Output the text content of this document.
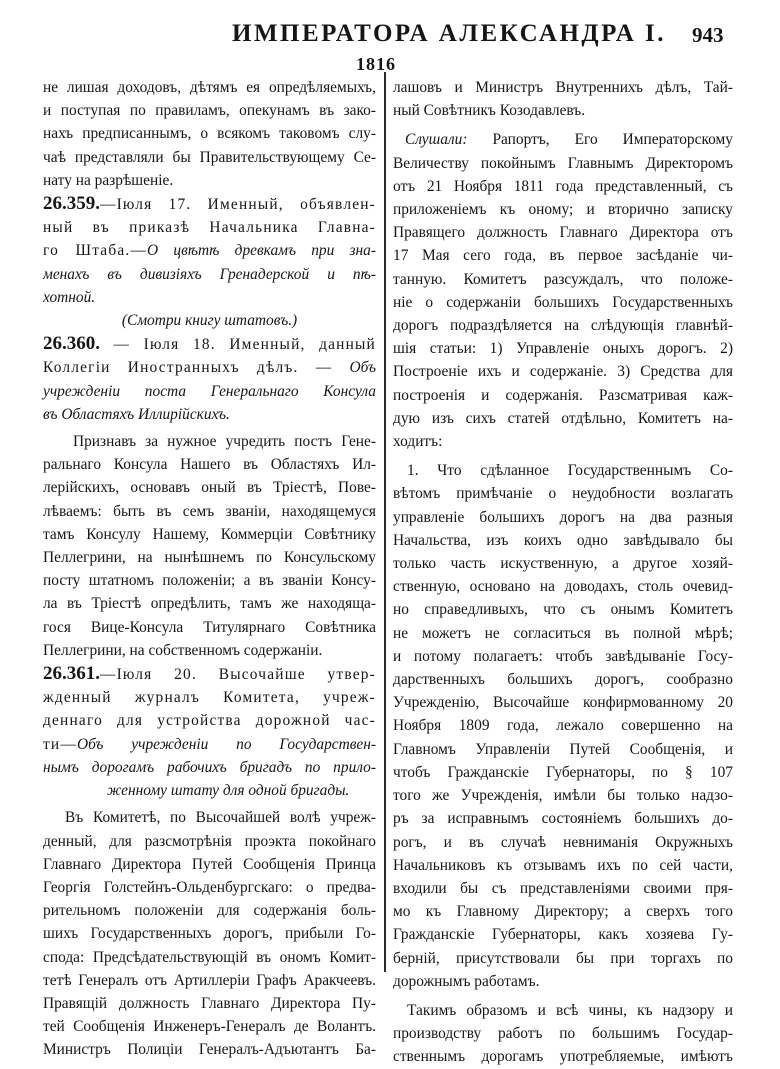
ИМПЕРАТОРА АЛЕКСАНДРА I. 943
1816

не лишая доходовъ, дѣтямъ ея опредѣляемыхъ,
и поступая по правиламъ, опекунамъ въ зако-
нахъ предписаннымъ, о всякомъ таковомъ слу-
чаѣ представляли бы Правительствующему Се-
нату на разрѣшеніе.

26.359.—Іюля 17. Именный, объявлен-
ный въ приказѣ Начальника Главна-
го Штаба.—О цвѣтѣ древкамъ при зна-
менахъ въ дивизіяхъ Гренадерской и пѣ-
хотной.
(Смотри книгу штатовъ.)

26.360. — Іюля 18. Именный, данный
Коллегіи Иностранныхъ дѣлъ. — Объ
учрежденіи поста Генеральнаго Консула
въ Областяхъ Иллирійскихъ.

Признавъ за нужное учредить постъ Гене-
ральнаго Консула Нашего въ Областяхъ Ил-
лерійскихъ, основавъ оный въ Тріестѣ, Пове-
лѣваемъ: быть въ семъ званіи, находящемуся
тамъ Консулу Нашему, Коммерціи Совѣтнику
Пеллегрини, на нынѣшнемъ по Консульскому
посту штатномъ положеніи; а въ званіи Консу-
ла въ Тріестѣ опредѣлить, тамъ же находяща-
гося Вице-Консула Титулярнаго Совѣтника
Пеллегрини, на собственномъ содержаніи.

26.361.—Іюля 20. Высочайше утвер-
жденный журналъ Комитета, учреж-
деннаго для устройства дорожной час-
ти—Объ учрежденіи по Государствен-
нымъ дорогамъ рабочихъ бригадъ по прило-
женному штату для одной бригады.

Въ Комитетѣ, по Высочайшей волѣ учреж-
денный, для разсмотрѣнія проэкта покойнаго
Главнаго Директора Путей Сообщенія Принца
Георгія Голстейнъ-Ольденбургскаго: о предва-
рительномъ положеніи для содержанія боль-
шихъ Государственныхъ дорогъ, прибыли Го-
спода: Предсѣдательствующій въ ономъ Комит-
тетѣ Генералъ отъ Артиллеріи Графъ Аракчеевъ.
Правящій должность Главнаго Директора Пу-
тей Сообщенія Инженеръ-Генералъ де Волантъ.
Министръ Полиціи Генералъ-Адъютантъ Ба-

лашовъ и Министръ Внутреннихъ дѣлъ, Тай-
ный Совѣтникъ Козодавлевъ.

Слушали: Рапортъ, Его Императорскому
Величеству покойнымъ Главнымъ Директоромъ
отъ 21 Ноября 1811 года представленный, съ
приложеніемъ къ оному; и вторично записку
Правящего должность Главнаго Директора отъ
17 Мая сего года, въ первое засѣданіе чи-
танную. Комитетъ разсуждалъ, что положе-
ніе о содержаніи большихъ Государственныхъ
дорогъ подраздѣляется на слѣдующія главнѣй-
шія статьи: 1) Управленіе оныхъ дорогъ. 2)
Построеніе ихъ и содержаніе. 3) Средства для
построенія и содержанія. Разсматривая каж-
дую изъ сихъ статей отдѣльно, Комитетъ на-
ходитъ:

1. Что сдѣланное Государственнымъ Со-
вѣтомъ примѣчаніе о неудобности возлагать
управленіе большихъ дорогъ на два разныя
Начальства, изъ коихъ одно завѣдывало бы
только часть искуственную, а другое хозяй-
ственную, основано на доводахъ, столь очевид-
но справедливыхъ, что съ онымъ Комитетъ
не можетъ не согласиться въ полной мѣрѣ;
и потому полагаетъ: чтобъ завѣдываніе Госу-
дарственныхъ большихъ дорогъ, сообразно
Учрежденію, Высочайше конфирмованному 20
Ноября 1809 года, лежало совершенно на
Главномъ Управленіи Путей Сообщенія, и
чтобъ Гражданскіе Губернаторы, по § 107
того же Учрежденія, имѣли бы только надзо-
ръ за исправнымъ состояніемъ большихъ до-
рогъ, и въ случаѣ невниманія Окружныхъ
Начальниковъ къ отзывамъ ихъ по сей части,
входили бы съ представленіями своими пря-
мо къ Главному Директору; а сверхъ того
Гражданскіе Губернаторы, какъ хозяева Гу-
берній, присутствовали бы при торгахъ по
дорожнымъ работамъ.

Такимъ образомъ и всѣ чины, къ надзору и
производству работъ по большимъ Государ-
ственнымъ дорогамъ употребляемые, имѣютъ
